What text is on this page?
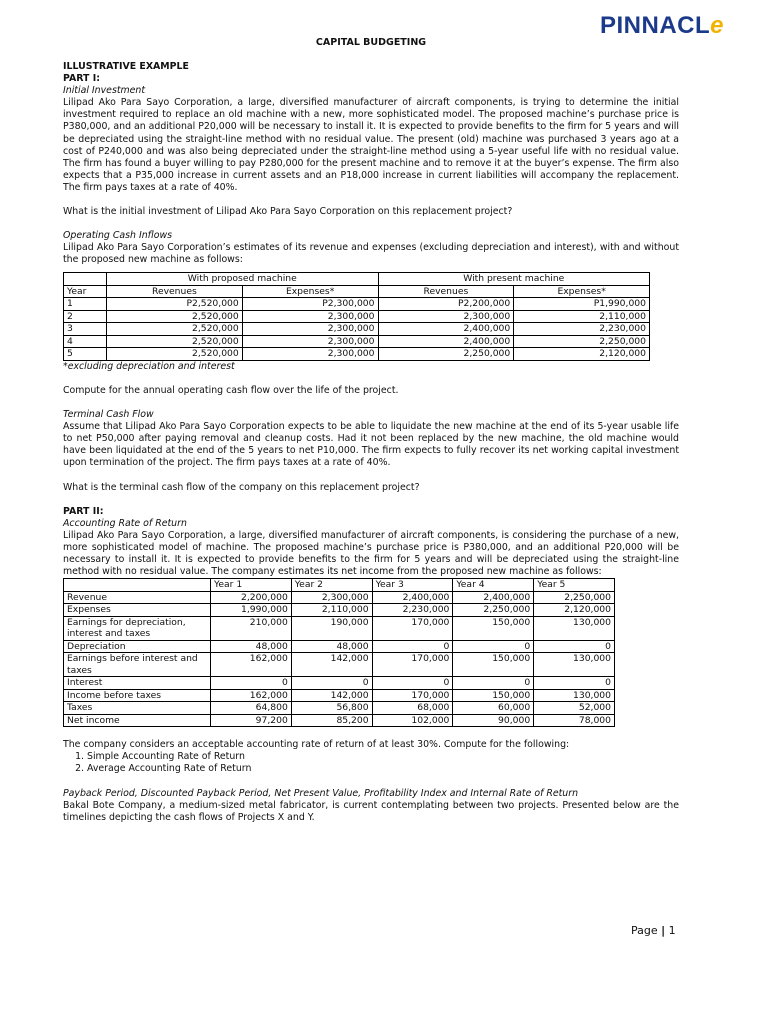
PINNACLe
CAPITAL BUDGETING

ILLUSTRATIVE EXAMPLE

PART I:

Initial Investment

Lilipad Ako Para Sayo Corporation, a large, diversified manufacturer of aircraft components, is trying to determine the initial investment required to replace an old machine with a new, more sophisticated model. The proposed machine’s purchase price is P380,000, and an additional P20,000 will be necessary to install it. It is expected to provide benefits to the firm for 5 years and will be depreciated using the straight-line method with no residual value. The present (old) machine was purchased 3 years ago at a cost of P240,000 and was also being depreciated under the straight-line method using a 5-year useful life with no residual value. The firm has found a buyer willing to pay P280,000 for the present machine and to remove it at the buyer’s expense. The firm also expects that a P35,000 increase in current assets and an P18,000 increase in current liabilities will accompany the replacement. The firm pays taxes at a rate of 40%.

What is the initial investment of Lilipad Ako Para Sayo Corporation on this replacement project?

Operating Cash Inflows

Lilipad Ako Para Sayo Corporation’s estimates of its revenue and expenses (excluding depreciation and interest), with and without the proposed new machine as follows:

	With proposed machine		With present machine	
Year	Revenues	Expenses*	Revenues	Expenses*
1	P2,520,000	P2,300,000	P2,200,000	P1,990,000
2	2,520,000	2,300,000	2,300,000	2,110,000
3	2,520,000	2,300,000	2,400,000	2,230,000
4	2,520,000	2,300,000	2,400,000	2,250,000
5	2,520,000	2,300,000	2,250,000	2,120,000

*excluding depreciation and interest

Compute for the annual operating cash flow over the life of the project.

Terminal Cash Flow

Assume that Lilipad Ako Para Sayo Corporation expects to be able to liquidate the new machine at the end of its 5-year usable life to net P50,000 after paying removal and cleanup costs. Had it not been replaced by the new machine, the old machine would have been liquidated at the end of the 5 years to net P10,000. The firm expects to fully recover its net working capital investment upon termination of the project. The firm pays taxes at a rate of 40%.

What is the terminal cash flow of the company on this replacement project?

PART II:

Accounting Rate of Return

Lilipad Ako Para Sayo Corporation, a large, diversified manufacturer of aircraft components, is considering the purchase of a new, more sophisticated model of machine. The proposed machine’s purchase price is P380,000, and an additional P20,000 will be necessary to install it. It is expected to provide benefits to the firm for 5 years and will be depreciated using the straight-line method with no residual value. The company estimates its net income from the proposed new machine as follows:

	Year 1	Year 2	Year 3	Year 4	Year 5
Revenue	2,200,000	2,300,000	2,400,000	2,400,000	2,250,000
Expenses	1,990,000	2,110,000	2,230,000	2,250,000	2,120,000
Earnings for depreciation, interest and taxes	210,000	190,000	170,000	150,000	130,000
Depreciation	48,000	48,000	0	0	0
Earnings before interest and taxes	162,000	142,000	170,000	150,000	130,000
Interest	0	0	0	0	0
Income before taxes	162,000	142,000	170,000	150,000	130,000
Taxes	64,800	56,800	68,000	60,000	52,000
Net income	97,200	85,200	102,000	90,000	78,000

The company considers an acceptable accounting rate of return of at least 30%. Compute for the following:

1. Simple Accounting Rate of Return
2. Average Accounting Rate of Return

Payback Period, Discounted Payback Period, Net Present Value, Profitability Index and Internal Rate of Return

Bakal Bote Company, a medium-sized metal fabricator, is current contemplating between two projects. Presented below are the timelines depicting the cash flows of Projects X and Y.

Page | 1
